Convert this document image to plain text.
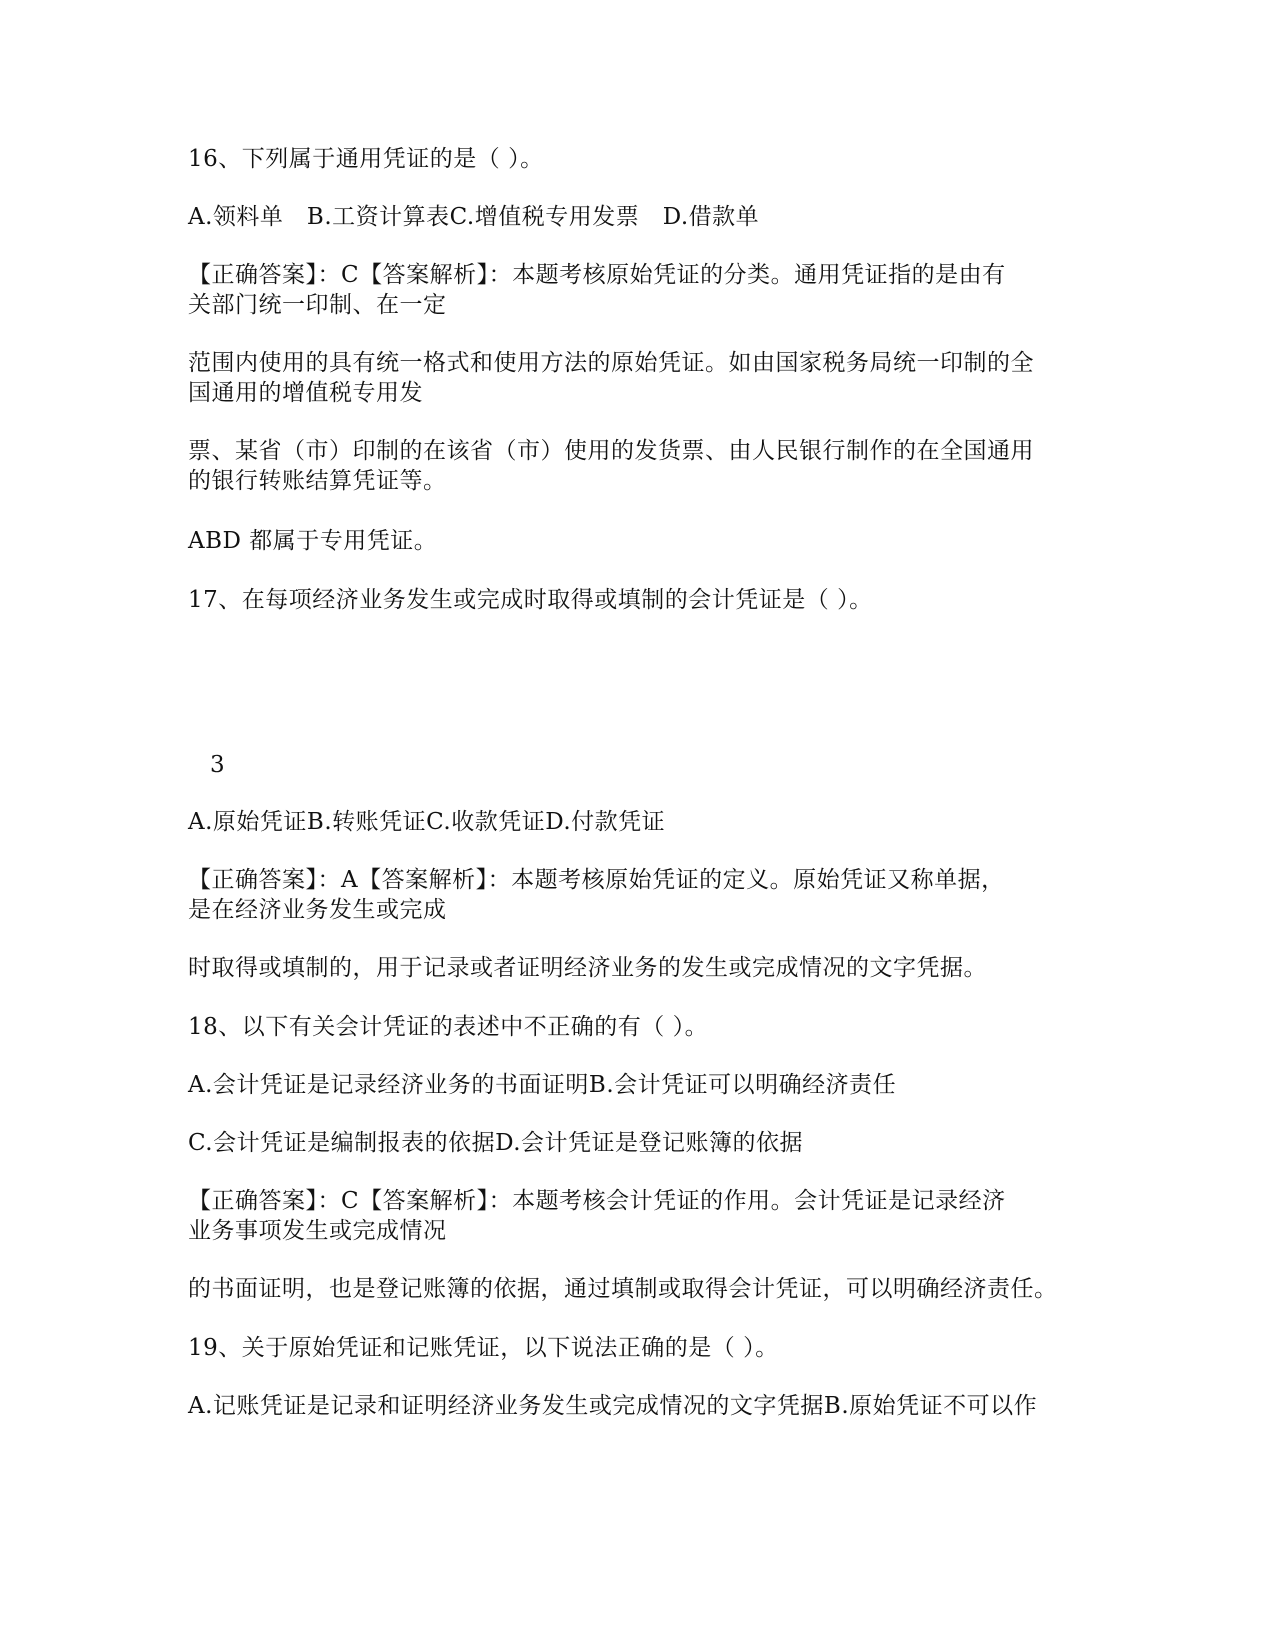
16、下列属于通用凭证的是（ ）。
A.领料单　B.工资计算表C.增值税专用发票　D.借款单
【正确答案】：C【答案解析】：本题考核原始凭证的分类。通用凭证指的是由有
关部门统一印制、在一定
范围内使用的具有统一格式和使用方法的原始凭证。如由国家税务局统一印制的全
国通用的增值税专用发
票、某省（市）印制的在该省（市）使用的发货票、由人民银行制作的在全国通用
的银行转账结算凭证等。
ABD 都属于专用凭证。
17、在每项经济业务发生或完成时取得或填制的会计凭证是（ ）。
3
A.原始凭证B.转账凭证C.收款凭证D.付款凭证
【正确答案】：A【答案解析】：本题考核原始凭证的定义。原始凭证又称单据，
是在经济业务发生或完成
时取得或填制的，用于记录或者证明经济业务的发生或完成情况的文字凭据。
18、以下有关会计凭证的表述中不正确的有（ ）。
A.会计凭证是记录经济业务的书面证明B.会计凭证可以明确经济责任
C.会计凭证是编制报表的依据D.会计凭证是登记账簿的依据
【正确答案】：C【答案解析】：本题考核会计凭证的作用。会计凭证是记录经济
业务事项发生或完成情况
的书面证明，也是登记账簿的依据，通过填制或取得会计凭证，可以明确经济责任。
19、关于原始凭证和记账凭证，以下说法正确的是（ ）。
A.记账凭证是记录和证明经济业务发生或完成情况的文字凭据B.原始凭证不可以作
